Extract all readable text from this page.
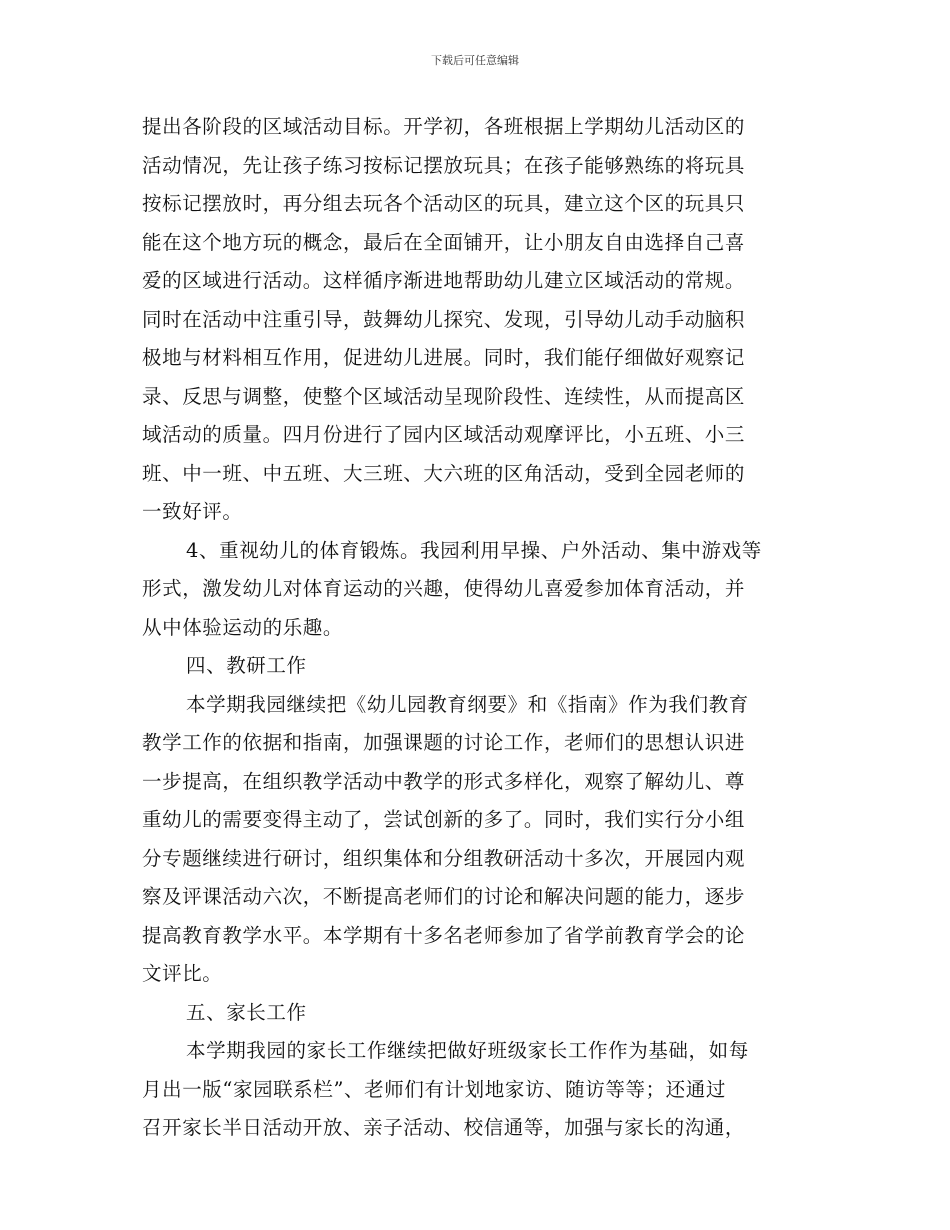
下载后可任意编辑
提出各阶段的区域活动目标。开学初，各班根据上学期幼儿活动区的
活动情况，先让孩子练习按标记摆放玩具；在孩子能够熟练的将玩具
按标记摆放时，再分组去玩各个活动区的玩具，建立这个区的玩具只
能在这个地方玩的概念，最后在全面铺开，让小朋友自由选择自己喜
爱的区域进行活动。这样循序渐进地帮助幼儿建立区域活动的常规。
同时在活动中注重引导，鼓舞幼儿探究、发现，引导幼儿动手动脑积
极地与材料相互作用，促进幼儿进展。同时，我们能仔细做好观察记
录、反思与调整，使整个区域活动呈现阶段性、连续性，从而提高区
域活动的质量。四月份进行了园内区域活动观摩评比，小五班、小三
班、中一班、中五班、大三班、大六班的区角活动，受到全园老师的
一致好评。
4、重视幼儿的体育锻炼。我园利用早操、户外活动、集中游戏等
形式，激发幼儿对体育运动的兴趣，使得幼儿喜爱参加体育活动，并
从中体验运动的乐趣。
四、教研工作
本学期我园继续把《幼儿园教育纲要》和《指南》作为我们教育
教学工作的依据和指南，加强课题的讨论工作，老师们的思想认识进
一步提高，在组织教学活动中教学的形式多样化，观察了解幼儿、尊
重幼儿的需要变得主动了，尝试创新的多了。同时，我们实行分小组
分专题继续进行研讨，组织集体和分组教研活动十多次，开展园内观
察及评课活动六次，不断提高老师们的讨论和解决问题的能力，逐步
提高教育教学水平。本学期有十多名老师参加了省学前教育学会的论
文评比。
五、家长工作
本学期我园的家长工作继续把做好班级家长工作作为基础，如每
月出一版“家园联系栏”、老师们有计划地家访、随访等等；还通过
召开家长半日活动开放、亲子活动、校信通等，加强与家长的沟通，
